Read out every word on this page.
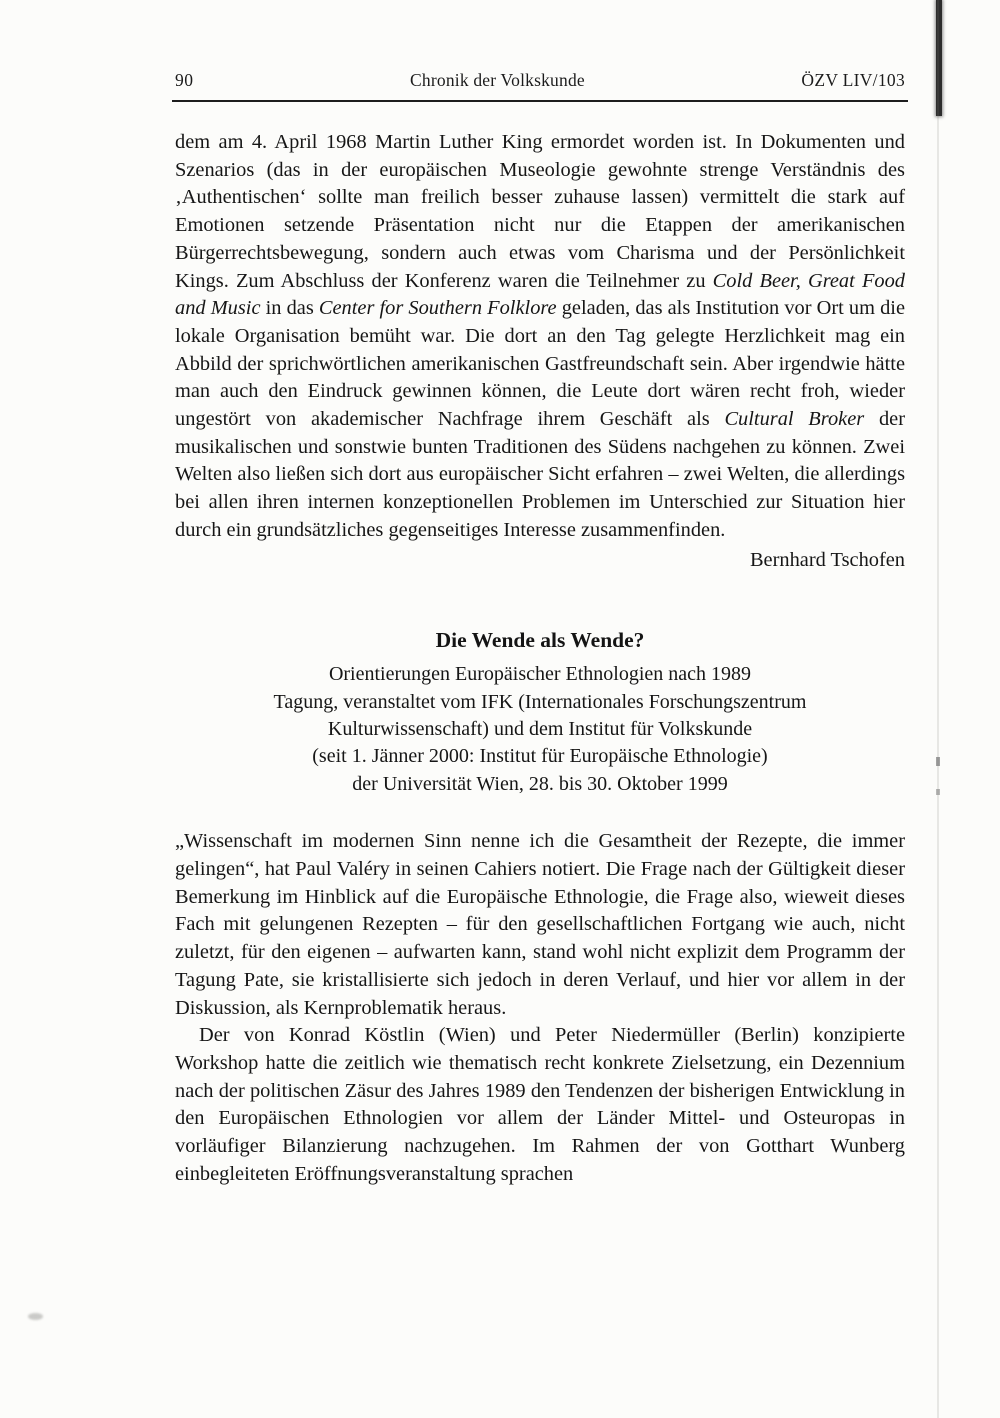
90	Chronik der Volkskunde	ÖZV LIV/103

dem am 4. April 1968 Martin Luther King ermordet worden ist. In Dokumenten und Szenarios (das in der europäischen Museologie gewohnte strenge Verständnis des ‚Authentischen‘ sollte man freilich besser zuhause lassen) vermittelt die stark auf Emotionen setzende Präsentation nicht nur die Etappen der amerikanischen Bürgerrechtsbewegung, sondern auch etwas vom Charisma und der Persönlichkeit Kings. Zum Abschluss der Konferenz waren die Teilnehmer zu Cold Beer, Great Food and Music in das Center for Southern Folklore geladen, das als Institution vor Ort um die lokale Organisation bemüht war. Die dort an den Tag gelegte Herzlichkeit mag ein Abbild der sprichwörtlichen amerikanischen Gastfreundschaft sein. Aber irgendwie hätte man auch den Eindruck gewinnen können, die Leute dort wären recht froh, wieder ungestört von akademischer Nachfrage ihrem Geschäft als Cultural Broker der musikalischen und sonstwie bunten Traditionen des Südens nachgehen zu können. Zwei Welten also ließen sich dort aus europäischer Sicht erfahren – zwei Welten, die allerdings bei allen ihren internen konzeptionellen Problemen im Unterschied zur Situation hier durch ein grundsätzliches gegenseitiges Interesse zusammenfinden.

Bernhard Tschofen

Die Wende als Wende?
Orientierungen Europäischer Ethnologien nach 1989
Tagung, veranstaltet vom IFK (Internationales Forschungszentrum
Kulturwissenschaft) und dem Institut für Volkskunde
(seit 1. Jänner 2000: Institut für Europäische Ethnologie)
der Universität Wien, 28. bis 30. Oktober 1999

„Wissenschaft im modernen Sinn nenne ich die Gesamtheit der Rezepte, die immer gelingen“, hat Paul Valéry in seinen Cahiers notiert. Die Frage nach der Gültigkeit dieser Bemerkung im Hinblick auf die Europäische Ethnologie, die Frage also, wieweit dieses Fach mit gelungenen Rezepten – für den gesellschaftlichen Fortgang wie auch, nicht zuletzt, für den eigenen – aufwarten kann, stand wohl nicht explizit dem Programm der Tagung Pate, sie kristallisierte sich jedoch in deren Verlauf, und hier vor allem in der Diskussion, als Kernproblematik heraus.

Der von Konrad Köstlin (Wien) und Peter Niedermüller (Berlin) konzipierte Workshop hatte die zeitlich wie thematisch recht konkrete Zielsetzung, ein Dezennium nach der politischen Zäsur des Jahres 1989 den Tendenzen der bisherigen Entwicklung in den Europäischen Ethnologien vor allem der Länder Mittel- und Osteuropas in vorläufiger Bilanzierung nachzugehen. Im Rahmen der von Gotthart Wunberg einbegleiteten Eröffnungsveranstaltung sprachen
